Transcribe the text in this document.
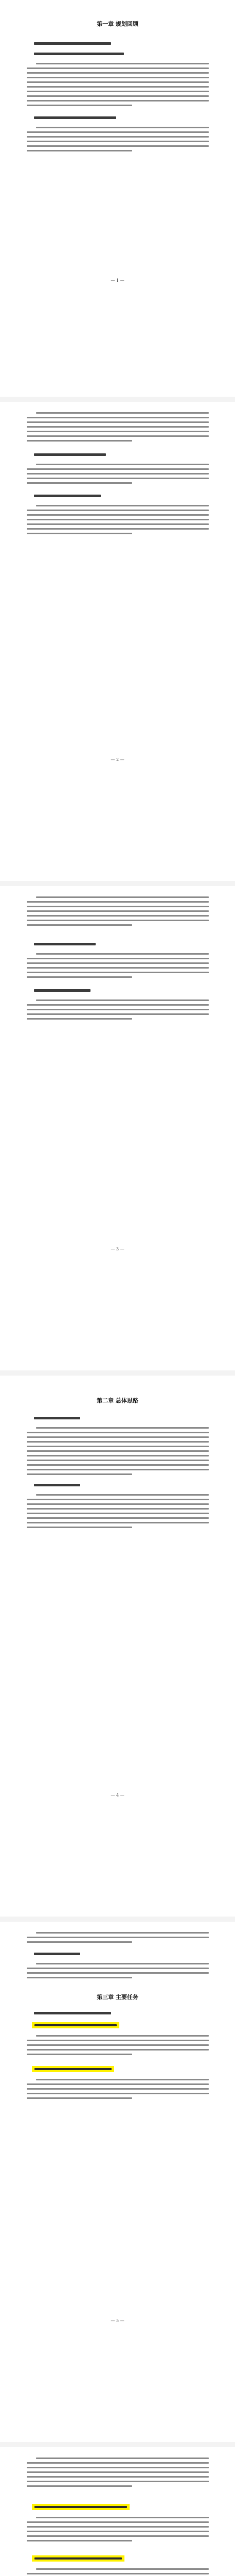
第一章 规划回顾
— 1 —
— 2 —
— 3 —
第二章 总体思路
— 4 —
第三章 主要任务
— 5 —
